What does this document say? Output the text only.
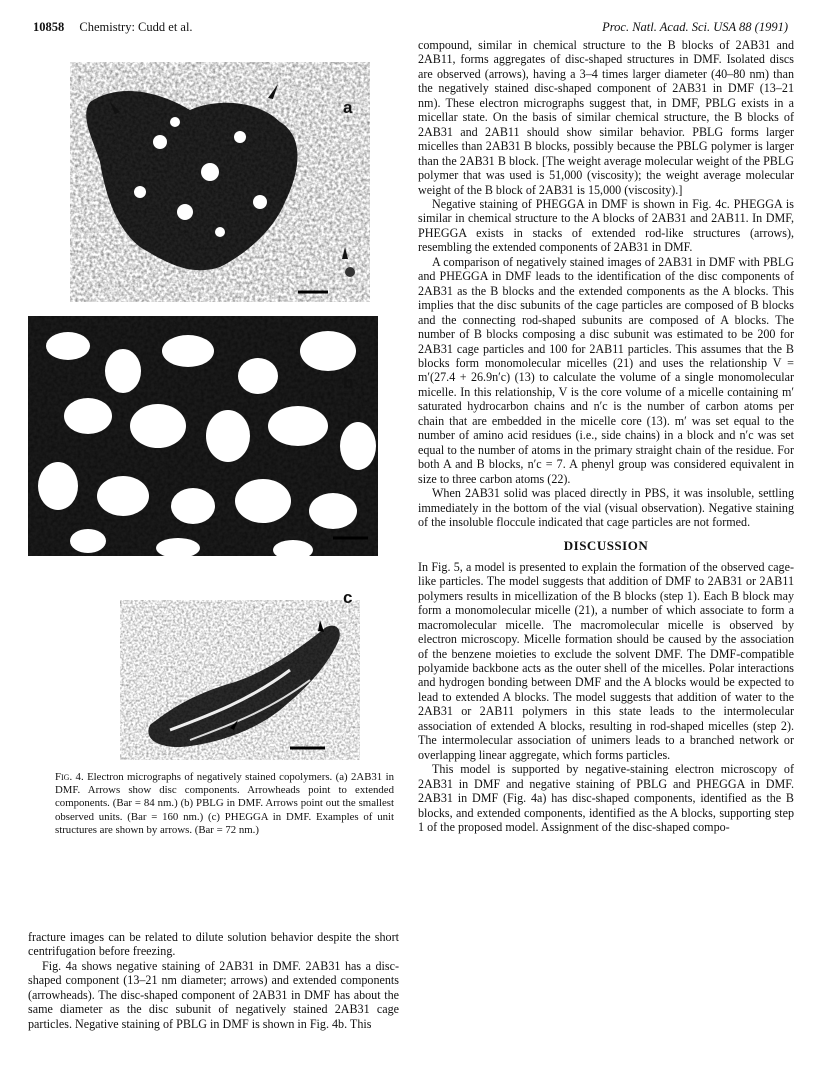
10858 Chemistry: Cudd et al.	Proc. Natl. Acad. Sci. USA 88 (1991)
a
b
c
Fig. 4. Electron micrographs of negatively stained copolymers. (a) 2AB31 in DMF. Arrows show disc components. Arrowheads point to extended components. (Bar = 84 nm.) (b) PBLG in DMF. Arrows point out the smallest observed units. (Bar = 160 nm.) (c) PHEGGA in DMF. Examples of unit structures are shown by arrows. (Bar = 72 nm.)

fracture images can be related to dilute solution behavior despite the short centrifugation before freezing.

Fig. 4a shows negative staining of 2AB31 in DMF. 2AB31 has a disc-shaped component (13–21 nm diameter; arrows) and extended components (arrowheads). The disc-shaped component of 2AB31 in DMF has about the same diameter as the disc subunit of negatively stained 2AB31 cage particles. Negative staining of PBLG in DMF is shown in Fig. 4b. This

compound, similar in chemical structure to the B blocks of 2AB31 and 2AB11, forms aggregates of disc-shaped structures in DMF. Isolated discs are observed (arrows), having a 3–4 times larger diameter (40–80 nm) than the negatively stained disc-shaped component of 2AB31 in DMF (13–21 nm). These electron micrographs suggest that, in DMF, PBLG exists in a micellar state. On the basis of similar chemical structure, the B blocks of 2AB31 and 2AB11 should show similar behavior. PBLG forms larger micelles than 2AB31 B blocks, possibly because the PBLG polymer is larger than the 2AB31 B block. [The weight average molecular weight of the PBLG polymer that was used is 51,000 (viscosity); the weight average molecular weight of the B block of 2AB31 is 15,000 (viscosity).]

Negative staining of PHEGGA in DMF is shown in Fig. 4c. PHEGGA is similar in chemical structure to the A blocks of 2AB31 and 2AB11. In DMF, PHEGGA exists in stacks of extended rod-like structures (arrows), resembling the extended components of 2AB31 in DMF.

A comparison of negatively stained images of 2AB31 in DMF with PBLG and PHEGGA in DMF leads to the identification of the disc components of 2AB31 as the B blocks and the extended components as the A blocks. This implies that the disc subunits of the cage particles are composed of B blocks and the connecting rod-shaped subunits are composed of A blocks. The number of B blocks composing a disc subunit was estimated to be 200 for 2AB31 cage particles and 100 for 2AB11 particles. This assumes that the B blocks form monomolecular micelles (21) and uses the relationship V = m′(27.4 + 26.9n′c) (13) to calculate the volume of a single monomolecular micelle. In this relationship, V is the core volume of a micelle containing m′ saturated hydrocarbon chains and n′c is the number of carbon atoms per chain that are embedded in the micelle core (13). m′ was set equal to the number of amino acid residues (i.e., side chains) in a block and n′c was set equal to the number of atoms in the primary straight chain of the residue. For both A and B blocks, n′c = 7. A phenyl group was considered equivalent in size to three carbon atoms (22).

When 2AB31 solid was placed directly in PBS, it was insoluble, settling immediately in the bottom of the vial (visual observation). Negative staining of the insoluble floccule indicated that cage particles are not formed.

DISCUSSION

In Fig. 5, a model is presented to explain the formation of the observed cage-like particles. The model suggests that addition of DMF to 2AB31 or 2AB11 polymers results in micellization of the B blocks (step 1). Each B block may form a monomolecular micelle (21), a number of which associate to form a macromolecular micelle. The macromolecular micelle is observed by electron microscopy. Micelle formation should be caused by the association of the benzene moieties to exclude the solvent DMF. The DMF-compatible polyamide backbone acts as the outer shell of the micelles. Polar interactions and hydrogen bonding between DMF and the A blocks would be expected to lead to extended A blocks. The model suggests that addition of water to the 2AB31 or 2AB11 polymers in this state leads to the intermolecular association of extended A blocks, resulting in rod-shaped micelles (step 2). The intermolecular association of unimers leads to a branched network or overlapping linear aggregate, which forms particles.

This model is supported by negative-staining electron microscopy of 2AB31 in DMF and negative staining of PBLG and PHEGGA in DMF. 2AB31 in DMF (Fig. 4a) has disc-shaped components, identified as the B blocks, and extended components, identified as the A blocks, supporting step 1 of the proposed model. Assignment of the disc-shaped compo-
